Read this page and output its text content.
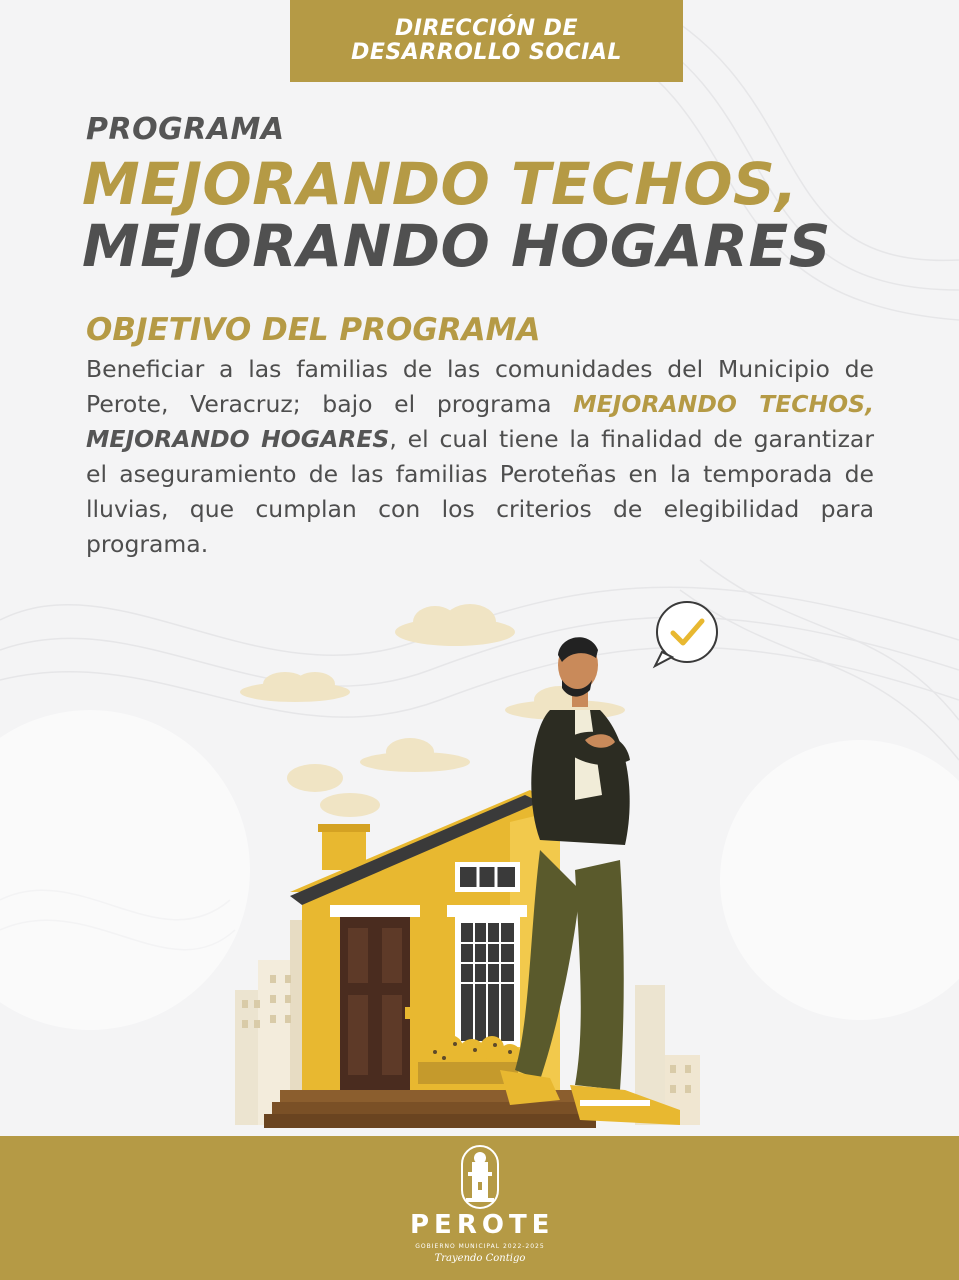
DIRECCIÓN DE
DESARROLLO SOCIAL
PROGRAMA
MEJORANDO TECHOS,
MEJORANDO HOGARES
OBJETIVO DEL PROGRAMA
Beneficiar a las familias de las comunidades del Municipio de Perote, Veracruz; bajo el programa MEJORANDO TECHOS, MEJORANDO HOGARES, el cual tiene la finalidad de garantizar el aseguramiento de las familias Peroteñas en la temporada de lluvias, que cumplan con los criterios de elegibilidad para programa.
PEROTE
GOBIERNO MUNICIPAL 2022-2025
Trayendo Contigo
